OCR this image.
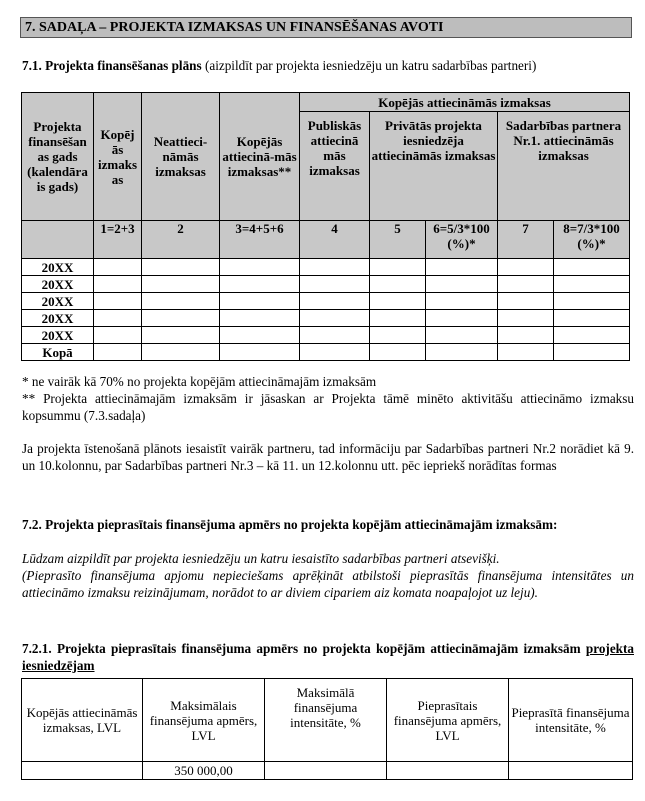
7. SADAĻA – PROJEKTA IZMAKSAS UN FINANSĒŠANAS AVOTI
7.1. Projekta finansēšanas plāns (aizpildīt par projekta iesniedzēju un katru sadarbības partneri)
Projekta finansēšan as gads (kalendāra is gads)	Kopēj ās izmaks as	Neattieci-nāmās izmaksas	Kopējās attiecinā-mās izmaksas**	Kopējās attiecināmās izmaksas				
				Publiskās attiecinā mās izmaksas	Privātās projekta iesniedzēja attiecināmās izmaksas		Sadarbības partnera Nr.1. attiecināmās izmaksas	
	1=2+3	2	3=4+5+6	4	5	6=5/3*100 (%)*	7	8=7/3*100 (%)*
20XX								
20XX								
20XX								
20XX								
20XX								
Kopā								
* ne vairāk kā 70% no projekta kopējām attiecināmajām izmaksām
** Projekta attiecināmajām izmaksām ir jāsaskan ar Projekta tāmē minēto aktivitāšu attiecināmo izmaksu kopsummu (7.3.sadaļa)
Ja projekta īstenošanā plānots iesaistīt vairāk partneru, tad informāciju par Sadarbības partneri Nr.2 norādiet kā 9. un 10.kolonnu, par Sadarbības partneri Nr.3 – kā 11. un 12.kolonnu utt. pēc iepriekš norādītas formas
7.2. Projekta pieprasītais finansējuma apmērs no projekta kopējām attiecināmajām izmaksām:
Lūdzam aizpildīt par projekta iesniedzēju un katru iesaistīto sadarbības partneri atsevišķi.
(Pieprasīto finansējuma apjomu nepieciešams aprēķināt atbilstoši pieprasītās finansējuma intensitātes un attiecināmo izmaksu reizinājumam, norādot to ar diviem cipariem aiz komata noapaļojot uz leju).
7.2.1. Projekta pieprasītais finansējuma apmērs no projekta kopējām attiecināmajām izmaksām projekta iesniedzējam
Kopējās attiecināmās izmaksas, LVL	Maksimālais finansējuma apmērs, LVL	Maksimālā finansējuma intensitāte, %	Pieprasītais finansējuma apmērs, LVL	Pieprasītā finansējuma intensitāte, %
	350 000,00			
